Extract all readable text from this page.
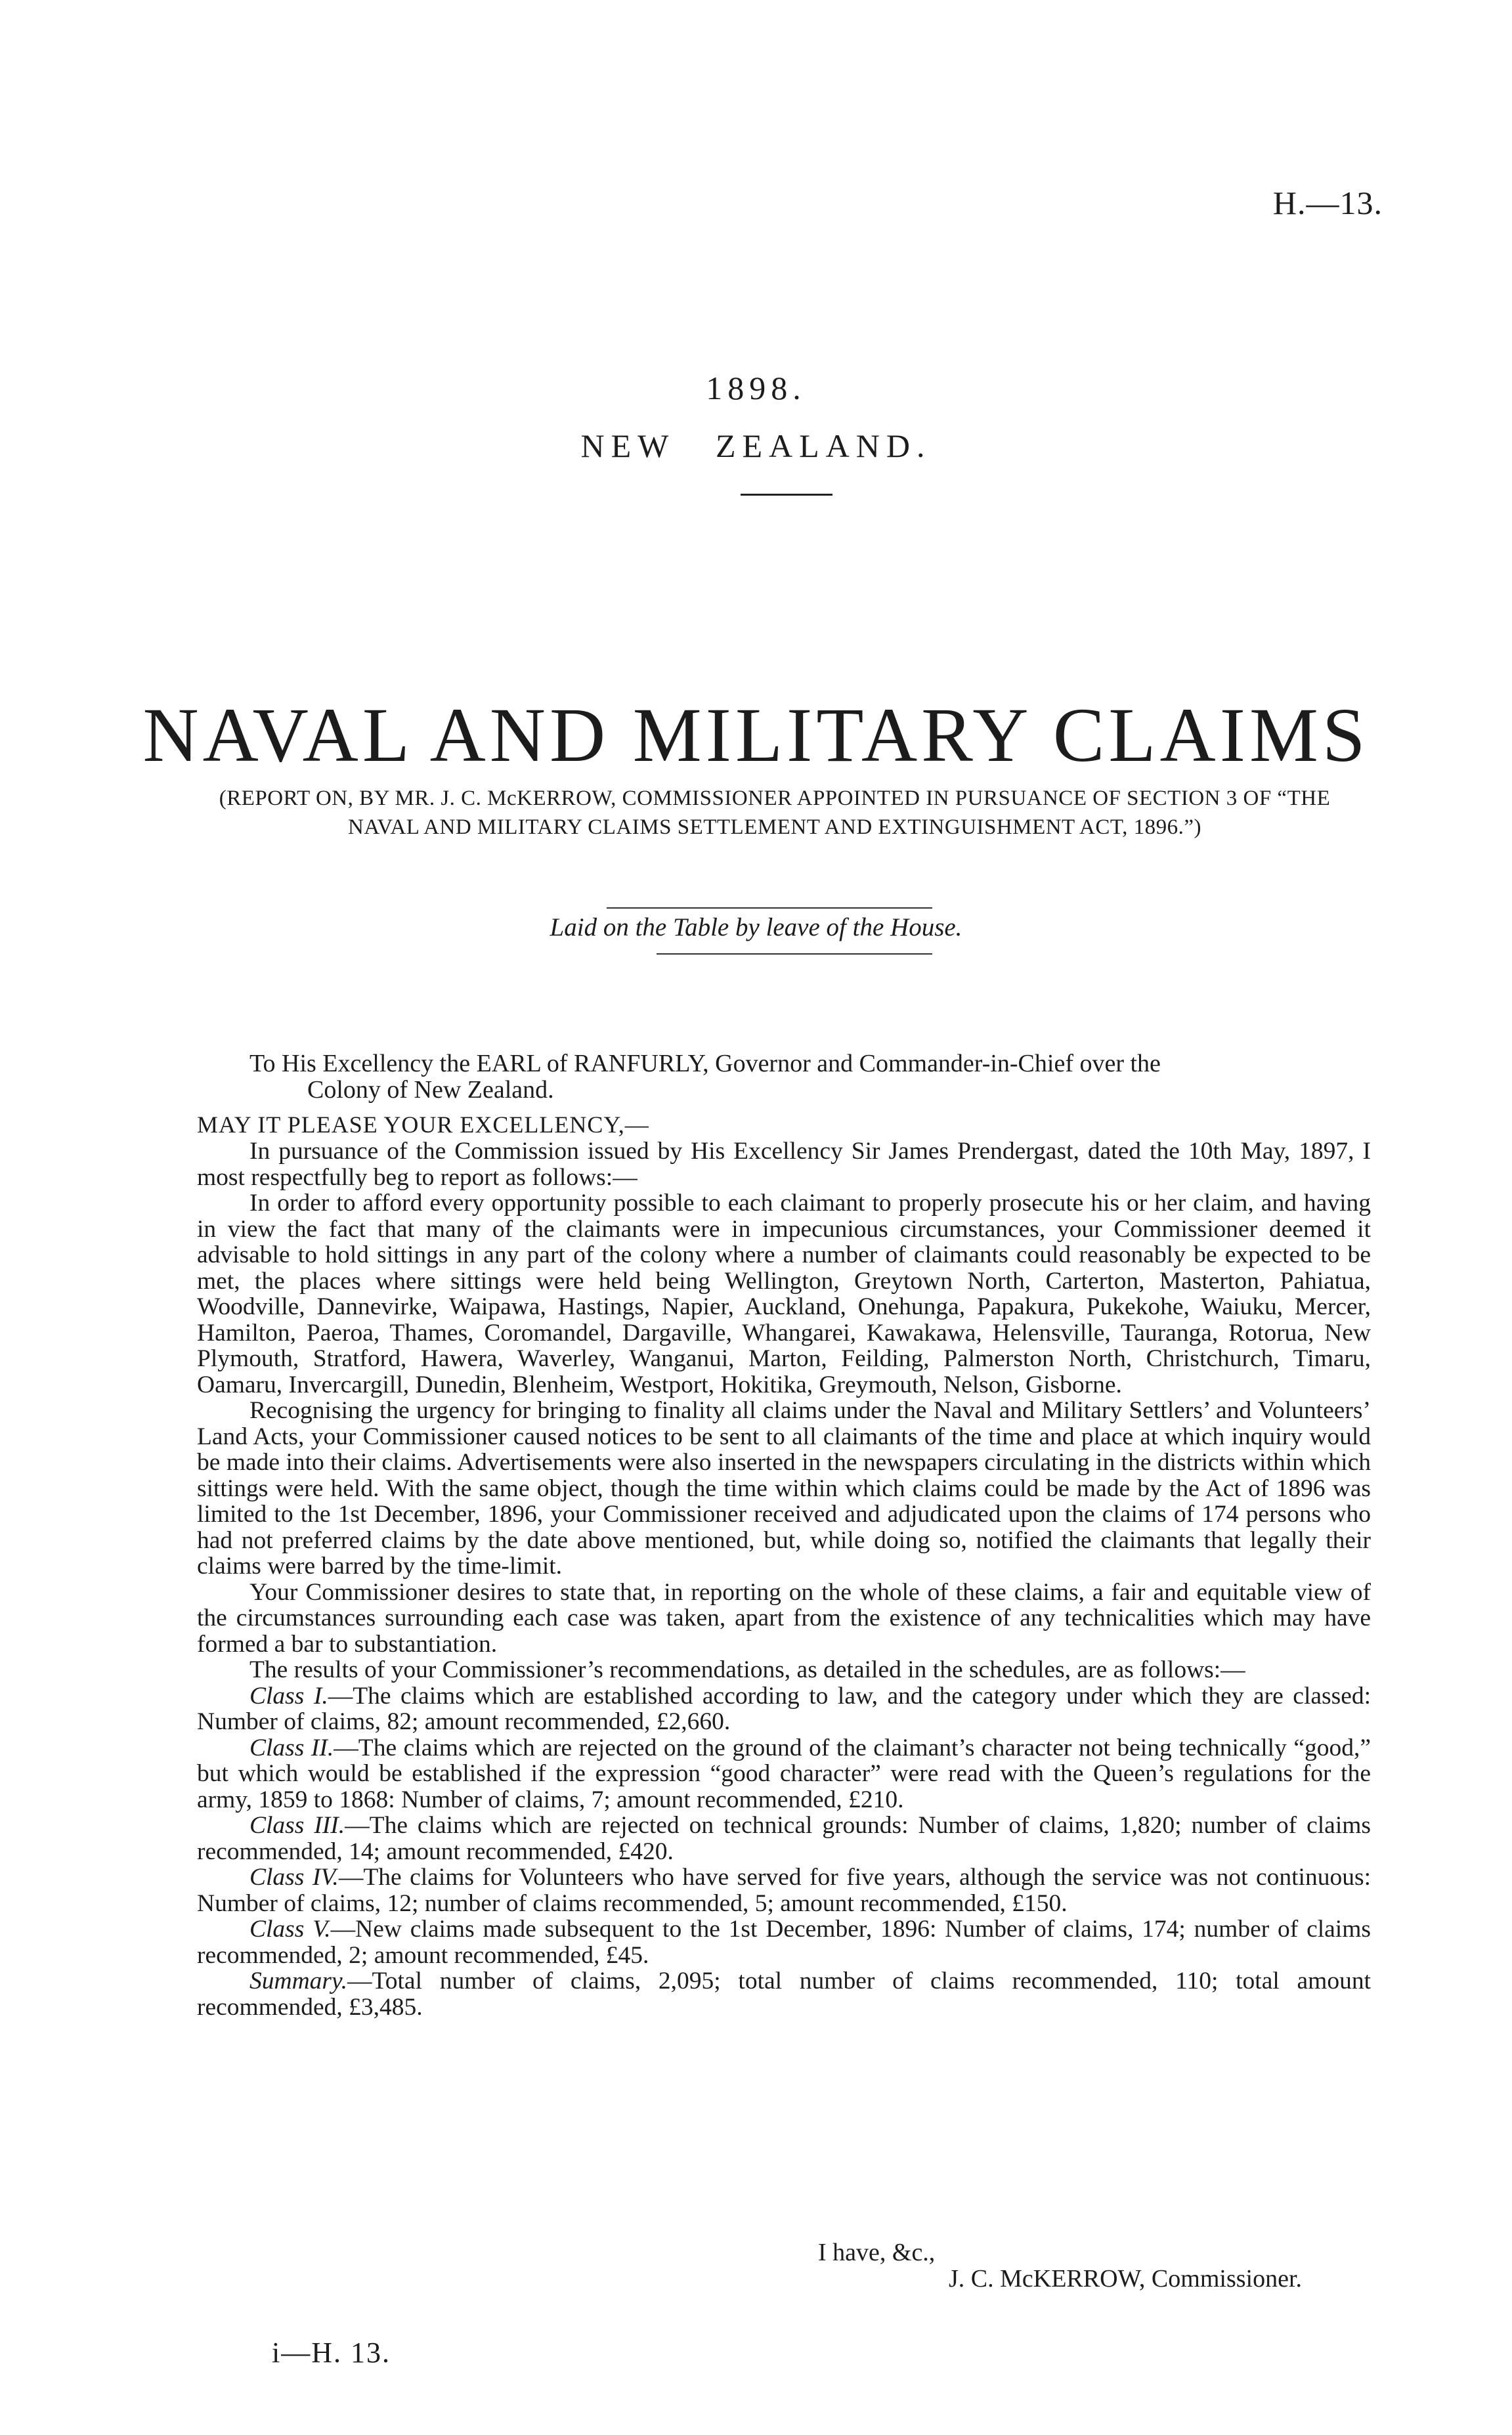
H.—13.
1898.
NEW ZEALAND.
NAVAL AND MILITARY CLAIMS
(REPORT ON, BY MR. J. C. McKERROW, COMMISSIONER APPOINTED IN PURSUANCE OF SECTION 3 OF “THE NAVAL AND MILITARY CLAIMS SETTLEMENT AND EXTINGUISHMENT ACT, 1896.”)
Laid on the Table by leave of the House.
To His Excellency the EARL of RANFURLY, Governor and Commander-in-Chief over the
Colony of New Zealand.
MAY IT PLEASE YOUR EXCELLENCY,—

In pursuance of the Commission issued by His Excellency Sir James Prendergast, dated the 10th May, 1897, I most respectfully beg to report as follows:—

In order to afford every opportunity possible to each claimant to properly prosecute his or her claim, and having in view the fact that many of the claimants were in impecunious circumstances, your Commissioner deemed it advisable to hold sittings in any part of the colony where a number of claimants could reasonably be expected to be met, the places where sittings were held being Wellington, Greytown North, Carterton, Masterton, Pahiatua, Woodville, Dannevirke, Waipawa, Hastings, Napier, Auckland, Onehunga, Papakura, Pukekohe, Waiuku, Mercer, Hamilton, Paeroa, Thames, Coromandel, Dargaville, Whangarei, Kawakawa, Helensville, Tauranga, Rotorua, New Plymouth, Stratford, Hawera, Waverley, Wanganui, Marton, Feilding, Palmerston North, Christchurch, Timaru, Oamaru, Invercargill, Dunedin, Blenheim, Westport, Hokitika, Greymouth, Nelson, Gisborne.

Recognising the urgency for bringing to finality all claims under the Naval and Military Settlers’ and Volunteers’ Land Acts, your Commissioner caused notices to be sent to all claimants of the time and place at which inquiry would be made into their claims. Advertisements were also inserted in the newspapers circulating in the districts within which sittings were held. With the same object, though the time within which claims could be made by the Act of 1896 was limited to the 1st December, 1896, your Commissioner received and adjudicated upon the claims of 174 persons who had not preferred claims by the date above mentioned, but, while doing so, notified the claimants that legally their claims were barred by the time-limit.

Your Commissioner desires to state that, in reporting on the whole of these claims, a fair and equitable view of the circumstances surrounding each case was taken, apart from the existence of any technicalities which may have formed a bar to substantiation.

The results of your Commissioner’s recommendations, as detailed in the schedules, are as follows:—

Class I.—The claims which are established according to law, and the category under which they are classed: Number of claims, 82; amount recommended, £2,660.

Class II.—The claims which are rejected on the ground of the claimant’s character not being technically “good,” but which would be established if the expression “good character” were read with the Queen’s regulations for the army, 1859 to 1868: Number of claims, 7; amount recommended, £210.

Class III.—The claims which are rejected on technical grounds: Number of claims, 1,820; number of claims recommended, 14; amount recommended, £420.

Class IV.—The claims for Volunteers who have served for five years, although the service was not continuous: Number of claims, 12; number of claims recommended, 5; amount recommended, £150.

Class V.—New claims made subsequent to the 1st December, 1896: Number of claims, 174; number of claims recommended, 2; amount recommended, £45.

Summary.—Total number of claims, 2,095; total number of claims recommended, 110; total amount recommended, £3,485.

I have, &c.,
J. C. McKERROW, Commissioner.
i—H. 13.
